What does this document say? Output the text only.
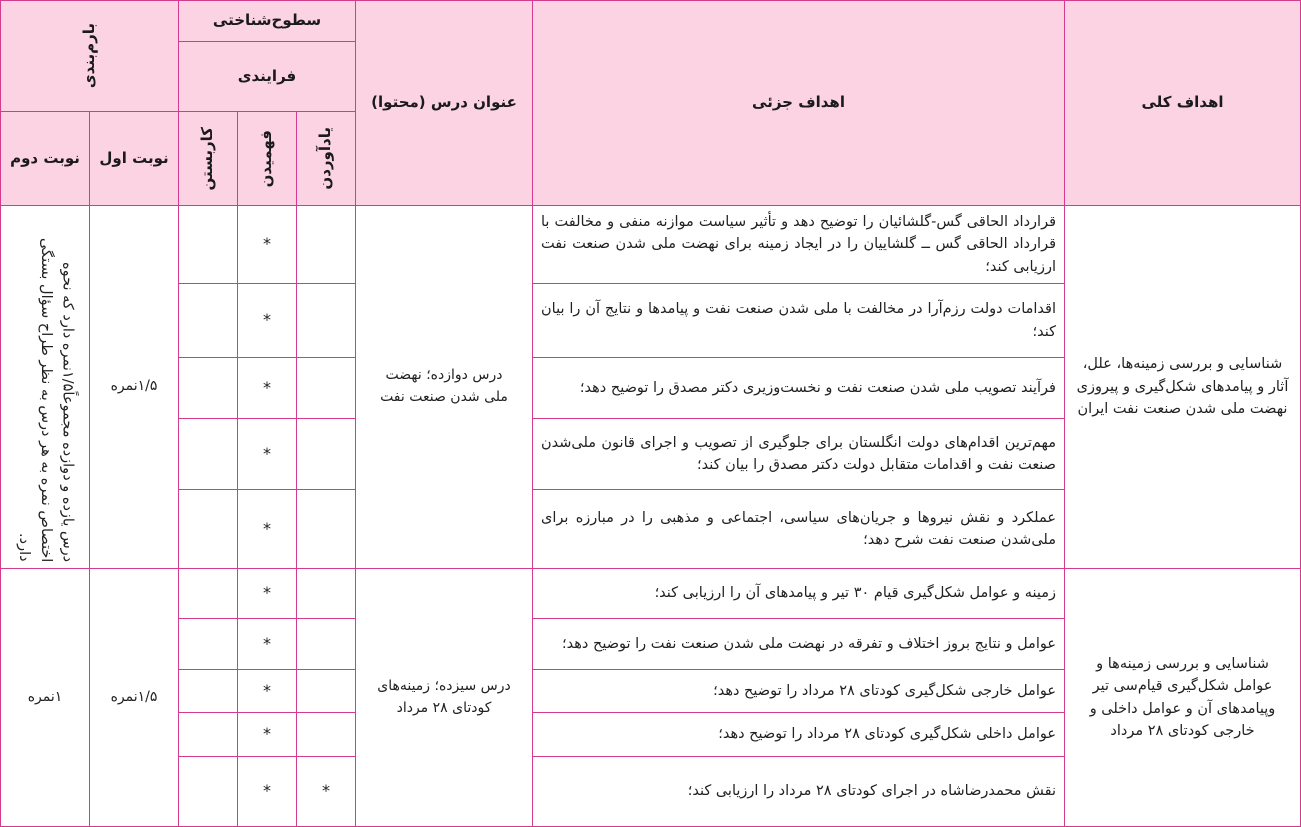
اهداف کلی
اهداف جزئی
عنوان درس (محتوا)
سطوح‌شناختی
فرایندی
یادآوردن
فهمیدن
کاربستن
بارم‌بندی
نوبت اول
نوبت دوم
شناسایی و بررسی زمینه‌ها، علل، آثار و پیامدهای شکل‌گیری و پیروزی نهضت ملی شدن صنعت نفت ایران
درس دوازده؛ نهضت ملی شدن صنعت نفت
قرارداد الحاقی گس-گلشائیان را توضیح دهد و تأثیر سیاست موازنه منفی و مخالفت با قرارداد الحاقی گس ــ گلشاییان را در ایجاد زمینه برای نهضت ملی شدن صنعت نفت ارزیابی کند؛
اقدامات دولت رزم‌آرا در مخالفت با ملی شدن صنعت نفت و پیامدها و نتایج آن را بیان کند؛
فرآیند تصویب ملی شدن صنعت نفت و نخست‌وزیری دکتر مصدق را توضیح دهد؛
مهم‌ترین اقدام‌های دولت انگلستان برای جلوگیری از تصویب و اجرای قانون ملی‌شدن صنعت نفت و اقدامات متقابل دولت دکتر مصدق را بیان کند؛
عملکرد و نقش نیروها و جریان‌های سیاسی، اجتماعی و مذهبی را در مبارزه برای ملی‌شدن صنعت نفت شرح دهد؛
*
*
*
*
*
۱/۵نمره
درس یازده و دوازده مجموعاً۱/۵نمره دارد که نحوه اختصاص نمره به هر درس به نظر طراح سؤال بستگی دارد.
شناسایی و بررسی زمینه‌ها و عوامل شکل‌گیری قیام‌سی تیر وپیامدهای آن و عوامل داخلی و خارجی کودتای ۲۸ مرداد
درس سیزده؛ زمینه‌های کودتای ۲۸ مرداد
زمینه و عوامل شکل‌گیری قیام ۳۰ تیر و پیامدهای آن را ارزیابی کند؛
عوامل و نتایج بروز اختلاف و تفرقه در نهضت ملی شدن صنعت نفت را توضیح دهد؛
عوامل خارجی شکل‌گیری کودتای ۲۸ مرداد را توضیح دهد؛
عوامل داخلی شکل‌گیری کودتای ۲۸ مرداد را توضیح دهد؛
نقش محمدرضاشاه در اجرای کودتای ۲۸ مرداد را ارزیابی کند؛
*
*
*
*
*
*
۱/۵نمره
۱نمره
